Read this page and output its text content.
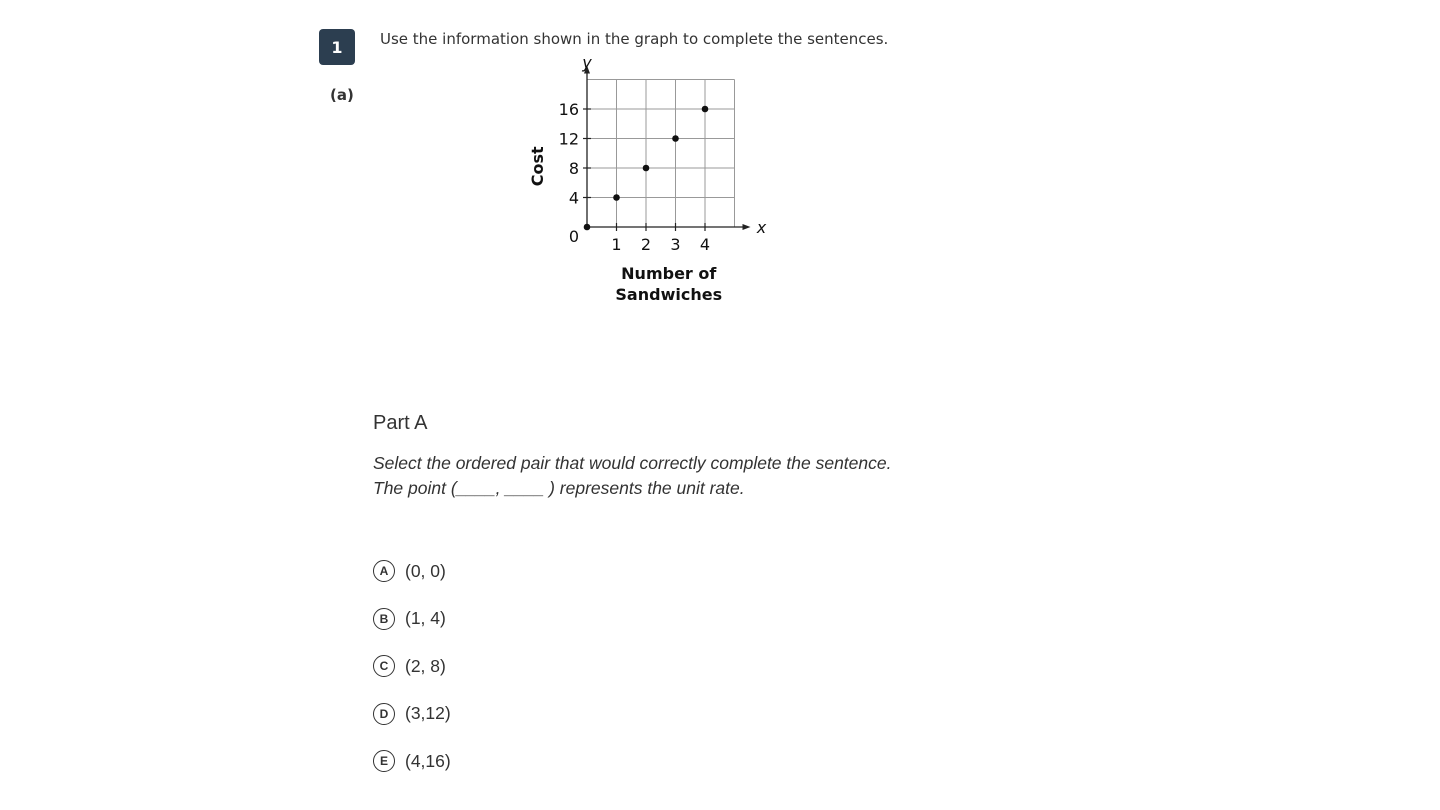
1
(a)
Use the information shown in the graph to complete the sentences.
1 2 3 4
4
8
12
16
0	x
y
Number of
Sandwiches
Cost
Part A
Select the ordered pair that would correctly complete the sentence.
The point (____, ____ ) represents the unit rate.
A (0, 0)
B (1, 4)
C (2, 8)
D (3,12)
E (4,16)
